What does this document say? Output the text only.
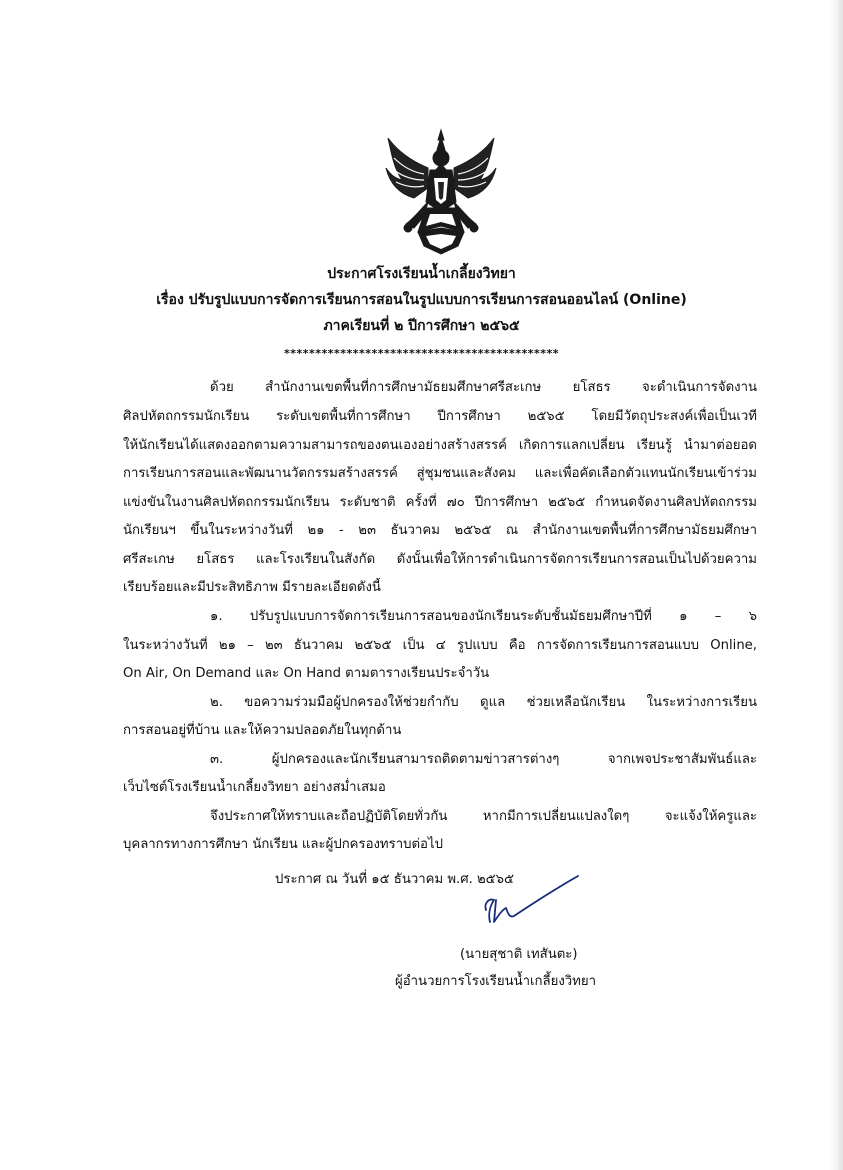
ประกาศโรงเรียนน้ำเกลี้ยงวิทยา
เรื่อง ปรับรูปแบบการจัดการเรียนการสอนในรูปแบบการเรียนการสอนออนไลน์ (Online)
ภาคเรียนที่ ๒ ปีการศึกษา ๒๕๖๕
********************************************
ด้วย สำนักงานเขตพื้นที่การศึกษามัธยมศึกษาศรีสะเกษ ยโสธร จะดำเนินการจัดงาน
ศิลปหัตถกรรมนักเรียน ระดับเขตพื้นที่การศึกษา ปีการศึกษา ๒๕๖๕ โดยมีวัตถุประสงค์เพื่อเป็นเวที
ให้นักเรียนได้แสดงออกตามความสามารถของตนเองอย่างสร้างสรรค์ เกิดการแลกเปลี่ยน เรียนรู้ นำมาต่อยอด
การเรียนการสอนและพัฒนานวัตกรรมสร้างสรรค์ สู่ชุมชนและสังคม และเพื่อคัดเลือกตัวแทนนักเรียนเข้าร่วม
แข่งขันในงานศิลปหัตถกรรมนักเรียน ระดับชาติ ครั้งที่ ๗๐ ปีการศึกษา ๒๕๖๕ กำหนดจัดงานศิลปหัตถกรรม
นักเรียนฯ ขึ้นในระหว่างวันที่ ๒๑ - ๒๓ ธันวาคม ๒๕๖๕ ณ สำนักงานเขตพื้นที่การศึกษามัธยมศึกษา
ศรีสะเกษ ยโสธร และโรงเรียนในสังกัด ดังนั้นเพื่อให้การดำเนินการจัดการเรียนการสอนเป็นไปด้วยความ
เรียบร้อยและมีประสิทธิภาพ มีรายละเอียดดังนี้
๑. ปรับรูปแบบการจัดการเรียนการสอนของนักเรียนระดับชั้นมัธยมศึกษาปีที่ ๑ – ๖
ในระหว่างวันที่ ๒๑ – ๒๓ ธันวาคม ๒๕๖๕ เป็น ๔ รูปแบบ คือ การจัดการเรียนการสอนแบบ Online,
On Air, On Demand และ On Hand ตามตารางเรียนประจำวัน
๒. ขอความร่วมมือผู้ปกครองให้ช่วยกำกับ ดูแล ช่วยเหลือนักเรียน ในระหว่างการเรียน
การสอนอยู่ที่บ้าน และให้ความปลอดภัยในทุกด้าน
๓. ผู้ปกครองและนักเรียนสามารถติดตามข่าวสารต่างๆ จากเพจประชาสัมพันธ์และ
เว็บไซต์โรงเรียนน้ำเกลี้ยงวิทยา อย่างสม่ำเสมอ
จึงประกาศให้ทราบและถือปฏิบัติโดยทั่วกัน หากมีการเปลี่ยนแปลงใดๆ จะแจ้งให้ครูและ
บุคลากรทางการศึกษา นักเรียน และผู้ปกครองทราบต่อไป
ประกาศ ณ วันที่ ๑๕ ธันวาคม พ.ศ. ๒๕๖๕
(นายสุชาติ เทสันตะ)
ผู้อำนวยการโรงเรียนน้ำเกลี้ยงวิทยา
